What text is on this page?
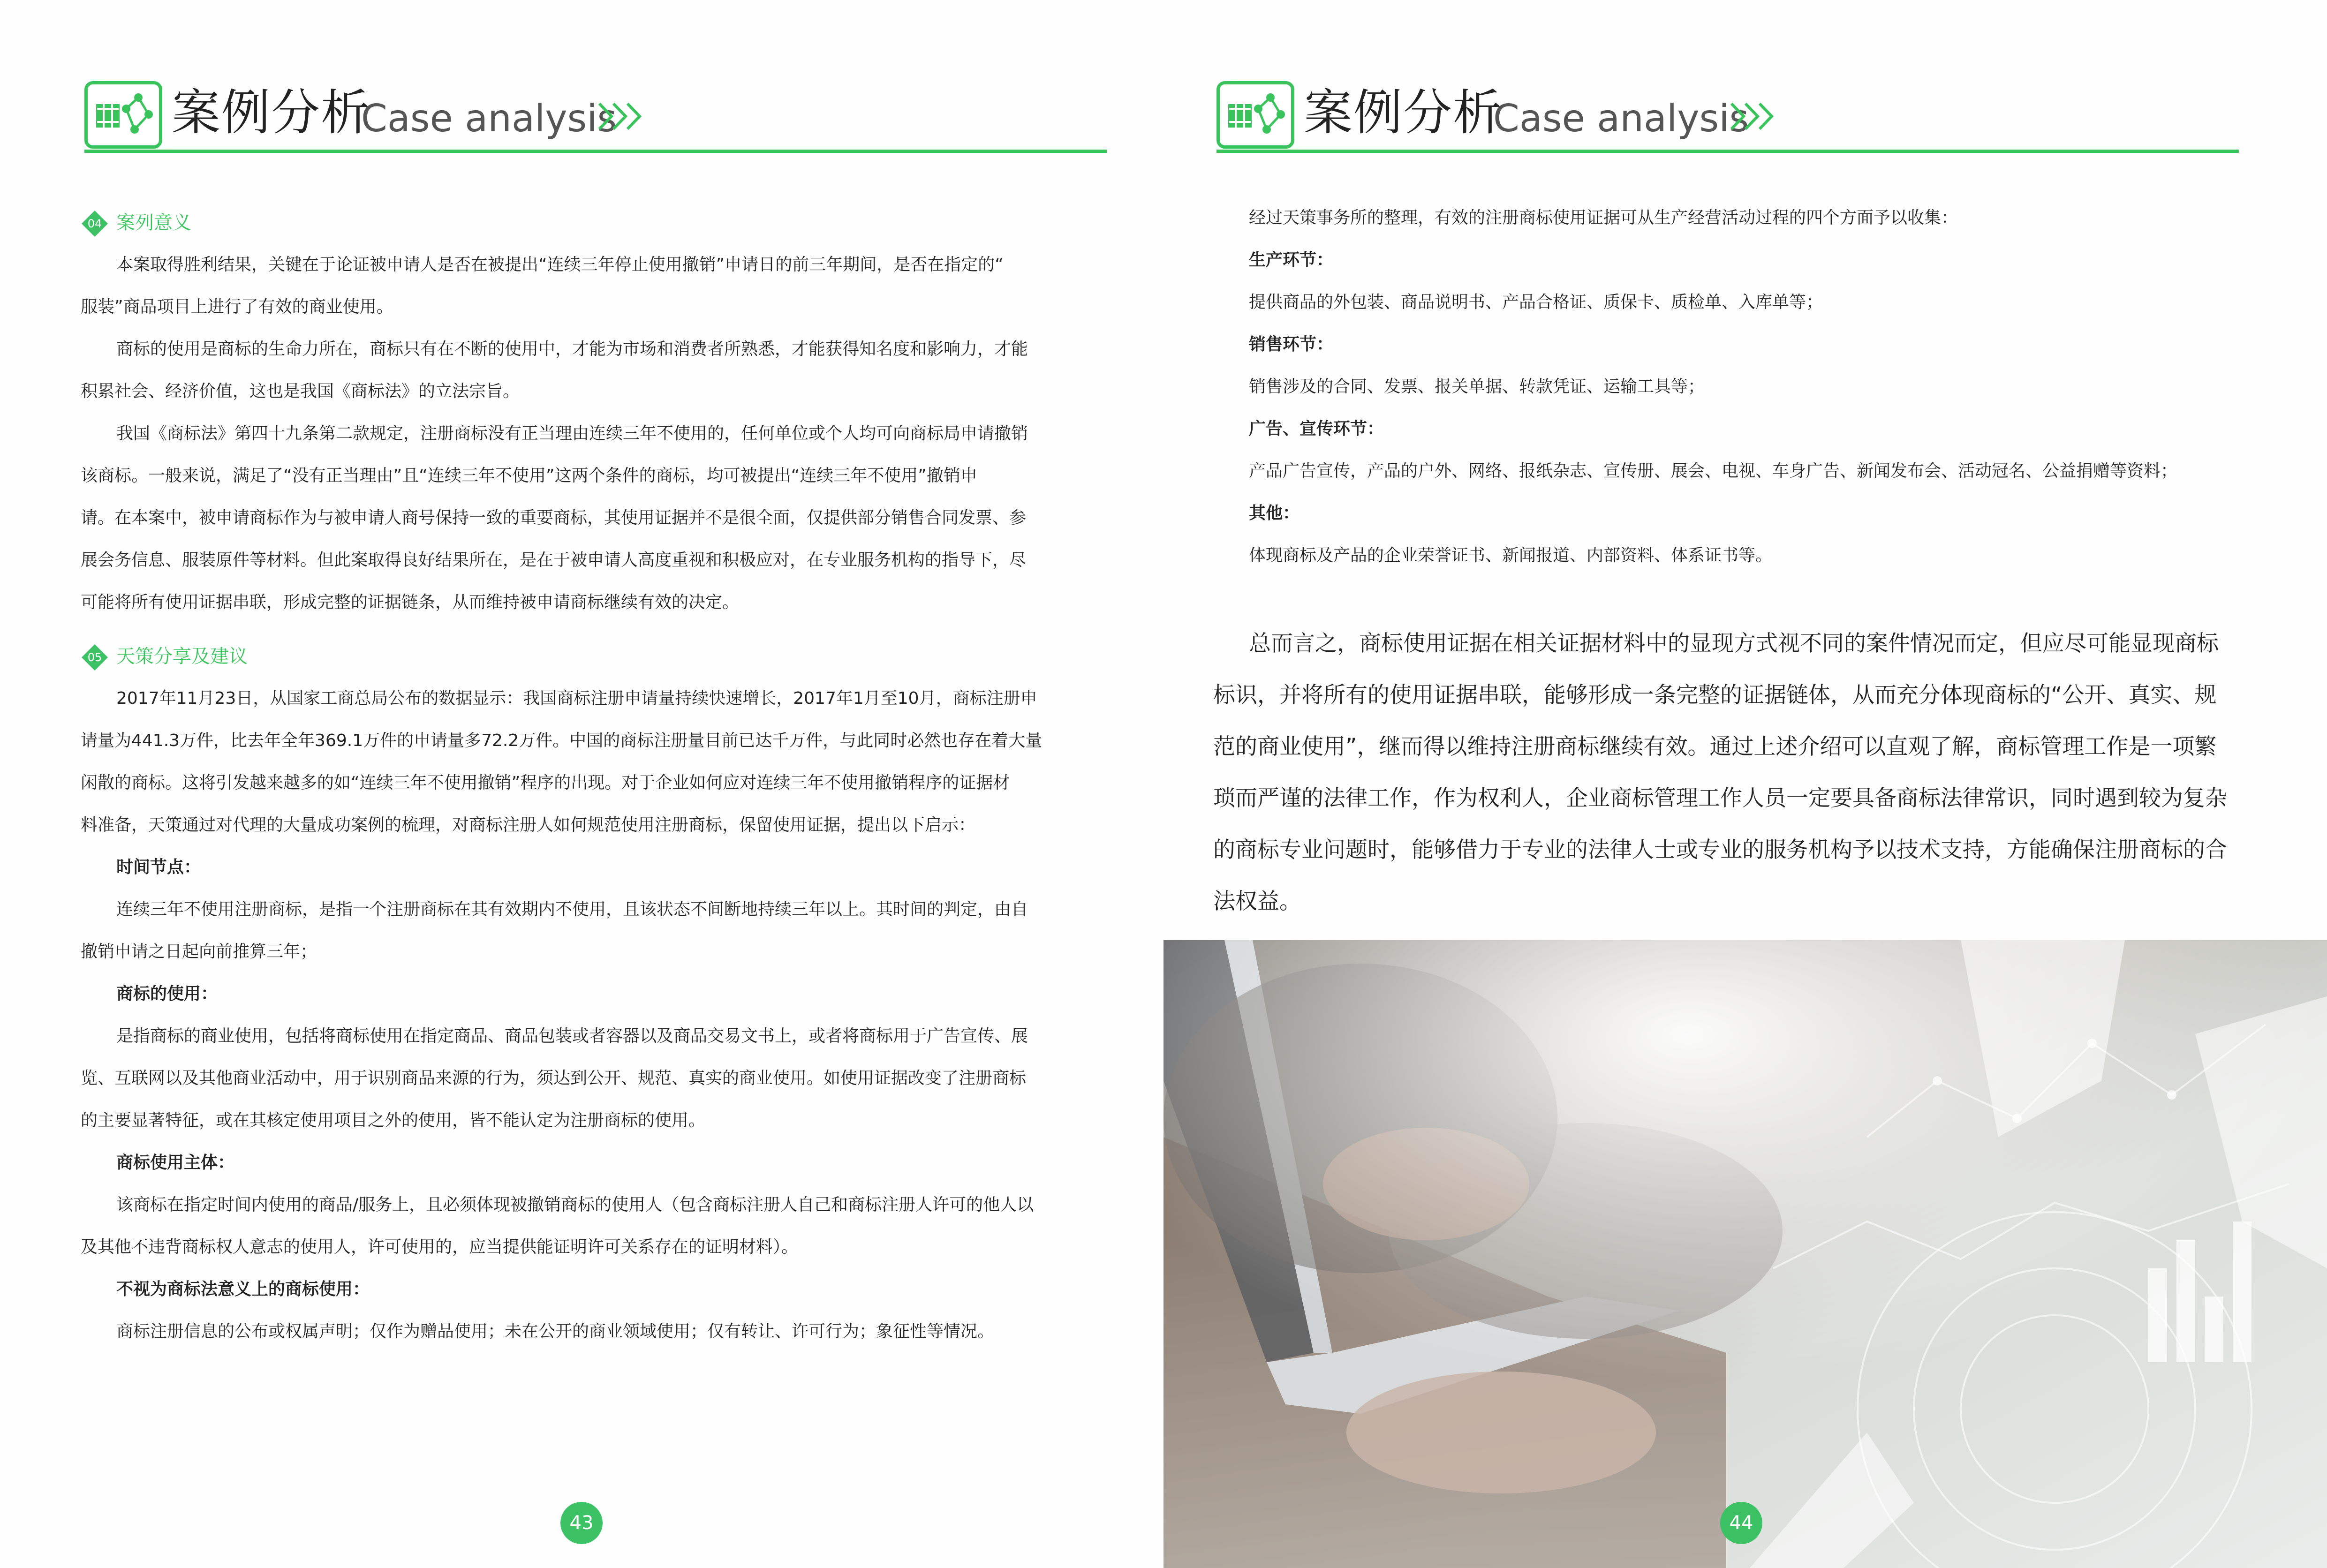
案例分析
Case analysis
04 案列意义
本案取得胜利结果，关键在于论证被申请人是否在被提出“连续三年停止使用撤销”申请日的前三年期间，是否在指定的“
服装”商品项目上进行了有效的商业使用。
商标的使用是商标的生命力所在，商标只有在不断的使用中，才能为市场和消费者所熟悉，才能获得知名度和影响力，才能
积累社会、经济价值，这也是我国《商标法》的立法宗旨。
我国《商标法》第四十九条第二款规定，注册商标没有正当理由连续三年不使用的，任何单位或个人均可向商标局申请撤销
该商标。一般来说，满足了“没有正当理由”且“连续三年不使用”这两个条件的商标，均可被提出“连续三年不使用”撤销申
请。在本案中，被申请商标作为与被申请人商号保持一致的重要商标，其使用证据并不是很全面，仅提供部分销售合同发票、参
展会务信息、服装原件等材料。但此案取得良好结果所在，是在于被申请人高度重视和积极应对，在专业服务机构的指导下，尽
可能将所有使用证据串联，形成完整的证据链条，从而维持被申请商标继续有效的决定。
05 天策分享及建议
2017年11月23日，从国家工商总局公布的数据显示：我国商标注册申请量持续快速增长，2017年1月至10月，商标注册申
请量为441.3万件，比去年全年369.1万件的申请量多72.2万件。中国的商标注册量目前已达千万件，与此同时必然也存在着大量
闲散的商标。这将引发越来越多的如“连续三年不使用撤销”程序的出现。对于企业如何应对连续三年不使用撤销程序的证据材
料准备，天策通过对代理的大量成功案例的梳理，对商标注册人如何规范使用注册商标，保留使用证据，提出以下启示：
时间节点：
连续三年不使用注册商标，是指一个注册商标在其有效期内不使用，且该状态不间断地持续三年以上。其时间的判定，由自
撤销申请之日起向前推算三年；
商标的使用：
是指商标的商业使用，包括将商标使用在指定商品、商品包装或者容器以及商品交易文书上，或者将商标用于广告宣传、展
览、互联网以及其他商业活动中，用于识别商品来源的行为，须达到公开、规范、真实的商业使用。如使用证据改变了注册商标
的主要显著特征，或在其核定使用项目之外的使用，皆不能认定为注册商标的使用。
商标使用主体：
该商标在指定时间内使用的商品/服务上，且必须体现被撤销商标的使用人（包含商标注册人自己和商标注册人许可的他人以
及其他不违背商标权人意志的使用人，许可使用的，应当提供能证明许可关系存在的证明材料）。
不视为商标法意义上的商标使用：
商标注册信息的公布或权属声明；仅作为赠品使用；未在公开的商业领域使用；仅有转让、许可行为；象征性等情况。
43
案例分析
Case analysis
经过天策事务所的整理，有效的注册商标使用证据可从生产经营活动过程的四个方面予以收集：
生产环节：
提供商品的外包装、商品说明书、产品合格证、质保卡、质检单、入库单等；
销售环节：
销售涉及的合同、发票、报关单据、转款凭证、运输工具等；
广告、宣传环节：
产品广告宣传，产品的户外、网络、报纸杂志、宣传册、展会、电视、车身广告、新闻发布会、活动冠名、公益捐赠等资料；
其他：
体现商标及产品的企业荣誉证书、新闻报道、内部资料、体系证书等。
总而言之，商标使用证据在相关证据材料中的显现方式视不同的案件情况而定，但应尽可能显现商标
标识，并将所有的使用证据串联，能够形成一条完整的证据链体，从而充分体现商标的“公开、真实、规
范的商业使用”，继而得以维持注册商标继续有效。通过上述介绍可以直观了解，商标管理工作是一项繁
琐而严谨的法律工作，作为权利人，企业商标管理工作人员一定要具备商标法律常识，同时遇到较为复杂
的商标专业问题时，能够借力于专业的法律人士或专业的服务机构予以技术支持，方能确保注册商标的合
法权益。
44
